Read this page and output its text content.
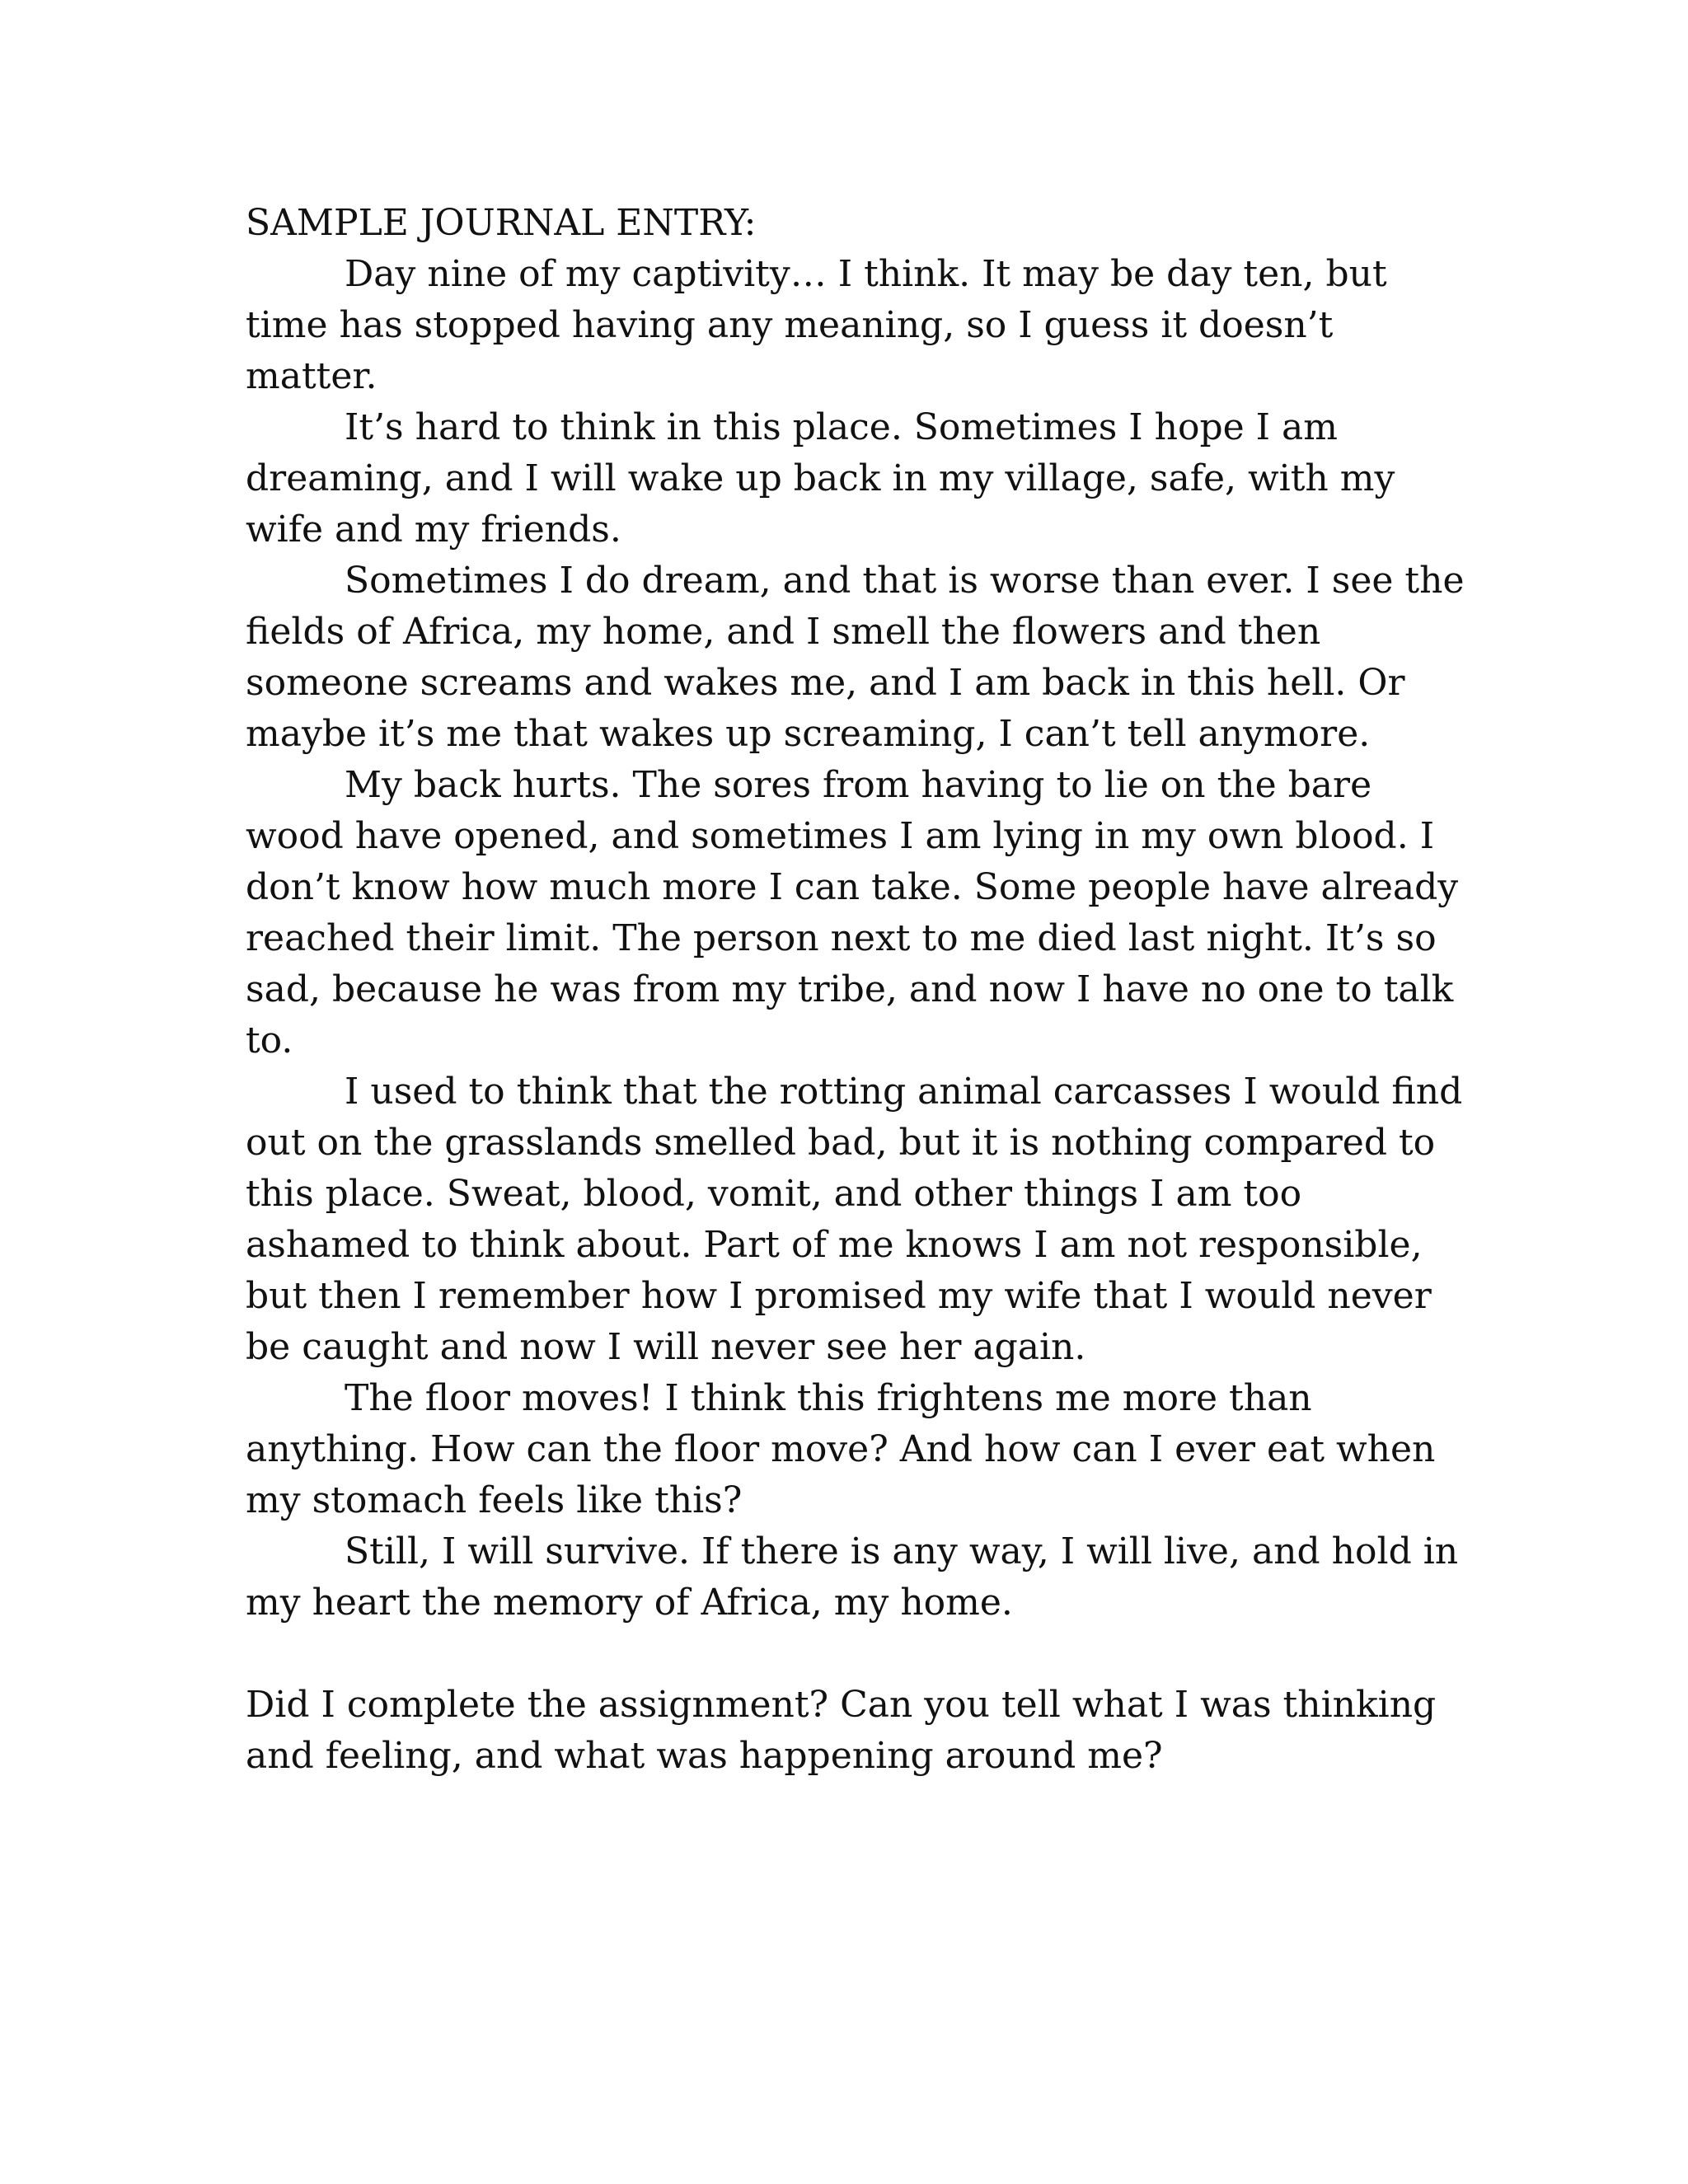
SAMPLE JOURNAL ENTRY:

Day nine of my captivity… I think. It may be day ten, but time has stopped having any meaning, so I guess it doesn’t matter.

It’s hard to think in this place. Sometimes I hope I am dreaming, and I will wake up back in my village, safe, with my wife and my friends.

Sometimes I do dream, and that is worse than ever. I see the fields of Africa, my home, and I smell the flowers and then someone screams and wakes me, and I am back in this hell. Or maybe it’s me that wakes up screaming, I can’t tell anymore.

My back hurts. The sores from having to lie on the bare wood have opened, and sometimes I am lying in my own blood. I don’t know how much more I can take. Some people have already reached their limit. The person next to me died last night. It’s so sad, because he was from my tribe, and now I have no one to talk to.

I used to think that the rotting animal carcasses I would find out on the grasslands smelled bad, but it is nothing compared to this place. Sweat, blood, vomit, and other things I am too ashamed to think about. Part of me knows I am not responsible, but then I remember how I promised my wife that I would never be caught and now I will never see her again.

The floor moves! I think this frightens me more than anything. How can the floor move? And how can I ever eat when my stomach feels like this?

Still, I will survive. If there is any way, I will live, and hold in my heart the memory of Africa, my home.

Did I complete the assignment? Can you tell what I was thinking and feeling, and what was happening around me?
